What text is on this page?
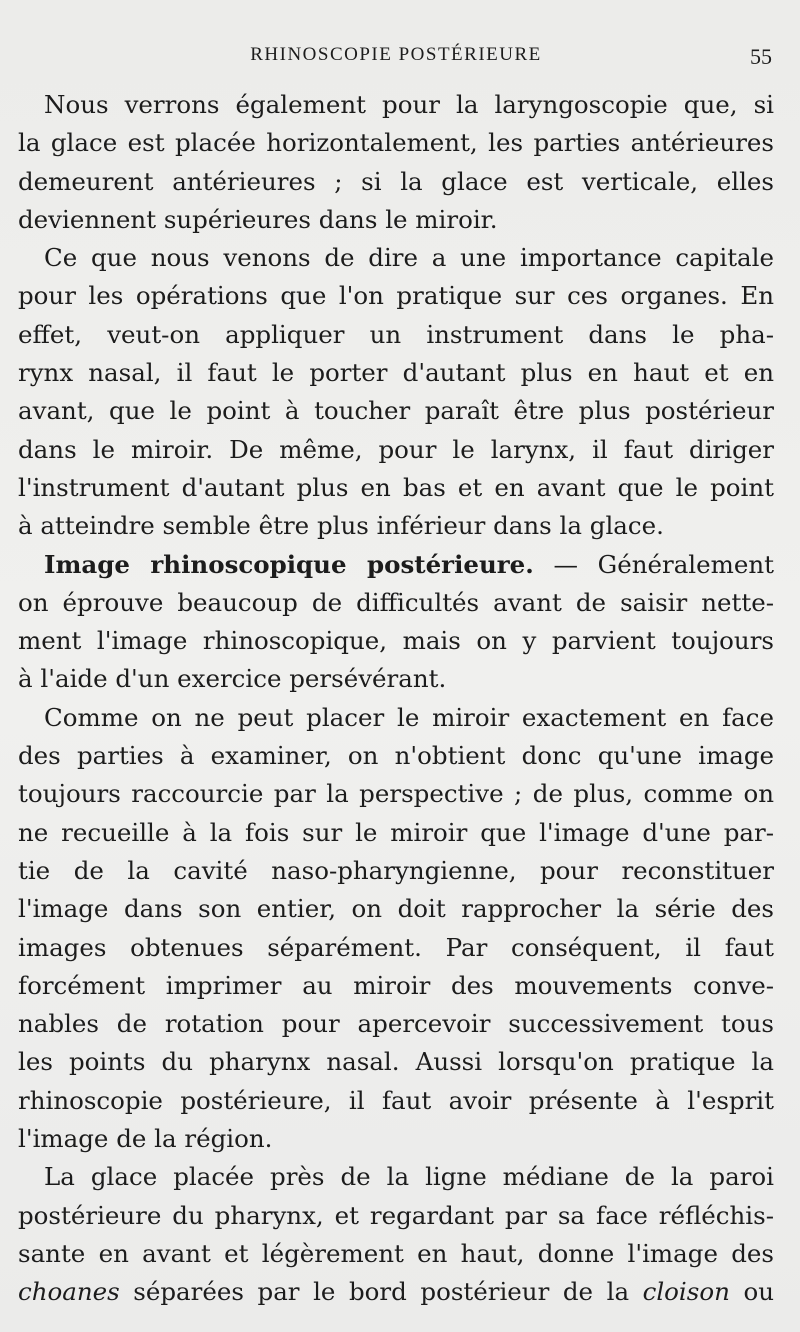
RHINOSCOPIE POSTÉRIEURE	55
Nous verrons également pour la laryngoscopie que, si
la glace est placée horizontalement, les parties antérieures
demeurent antérieures ; si la glace est verticale, elles
deviennent supérieures dans le miroir.
Ce que nous venons de dire a une importance capitale
pour les opérations que l'on pratique sur ces organes. En
effet, veut-on appliquer un instrument dans le pha-
rynx nasal, il faut le porter d'autant plus en haut et en
avant, que le point à toucher paraît être plus postérieur
dans le miroir. De même, pour le larynx, il faut diriger
l'instrument d'autant plus en bas et en avant que le point
à atteindre semble être plus inférieur dans la glace.
Image rhinoscopique postérieure. — Généralement
on éprouve beaucoup de difficultés avant de saisir nette-
ment l'image rhinoscopique, mais on y parvient toujours
à l'aide d'un exercice persévérant.
Comme on ne peut placer le miroir exactement en face
des parties à examiner, on n'obtient donc qu'une image
toujours raccourcie par la perspective ; de plus, comme on
ne recueille à la fois sur le miroir que l'image d'une par-
tie de la cavité naso-pharyngienne, pour reconstituer
l'image dans son entier, on doit rapprocher la série des
images obtenues séparément. Par conséquent, il faut
forcément imprimer au miroir des mouvements conve-
nables de rotation pour apercevoir successivement tous
les points du pharynx nasal. Aussi lorsqu'on pratique la
rhinoscopie postérieure, il faut avoir présente à l'esprit
l'image de la région.
La glace placée près de la ligne médiane de la paroi
postérieure du pharynx, et regardant par sa face réfléchis-
sante en avant et légèrement en haut, donne l'image des
choanes séparées par le bord postérieur de la cloison ou
